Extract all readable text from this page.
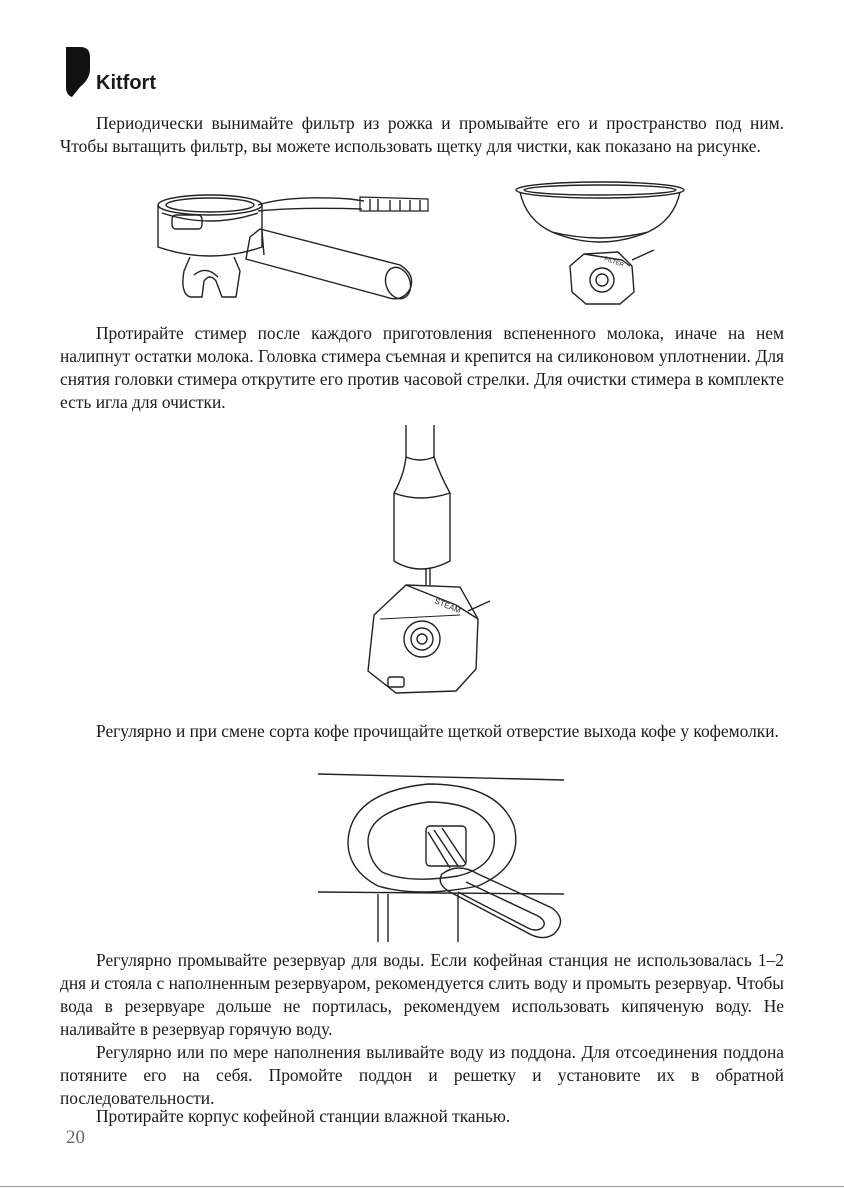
Kitfort

Периодически вынимайте фильтр из рожка и промывайте его и пространство под ним. Чтобы вытащить фильтр, вы можете использовать щетку для чистки, как показано на рисунке.

FILTER

Протирайте стимер после каждого приготовления вспененного молока, иначе на нем налипнут остатки молока. Головка стимера съемная и крепится на силиконовом уплотнении. Для снятия головки стимера открутите его против часовой стрелки. Для очистки стимера в комплекте есть игла для очистки.

STEAM

Регулярно и при смене сорта кофе прочищайте щеткой отверстие выхода кофе у кофемолки.

Регулярно промывайте резервуар для воды. Если кофейная станция не использовалась 1–2 дня и стояла с наполненным резервуаром, рекомендуется слить воду и промыть резервуар. Чтобы вода в резервуаре дольше не портилась, рекомендуем использовать кипяченую воду. Не наливайте в резервуар горячую воду.

Регулярно или по мере наполнения выливайте воду из поддона. Для отсоединения поддона потяните его на себя. Промойте поддон и решетку и установите их в обратной последовательности.

Протирайте корпус кофейной станции влажной тканью.

20
